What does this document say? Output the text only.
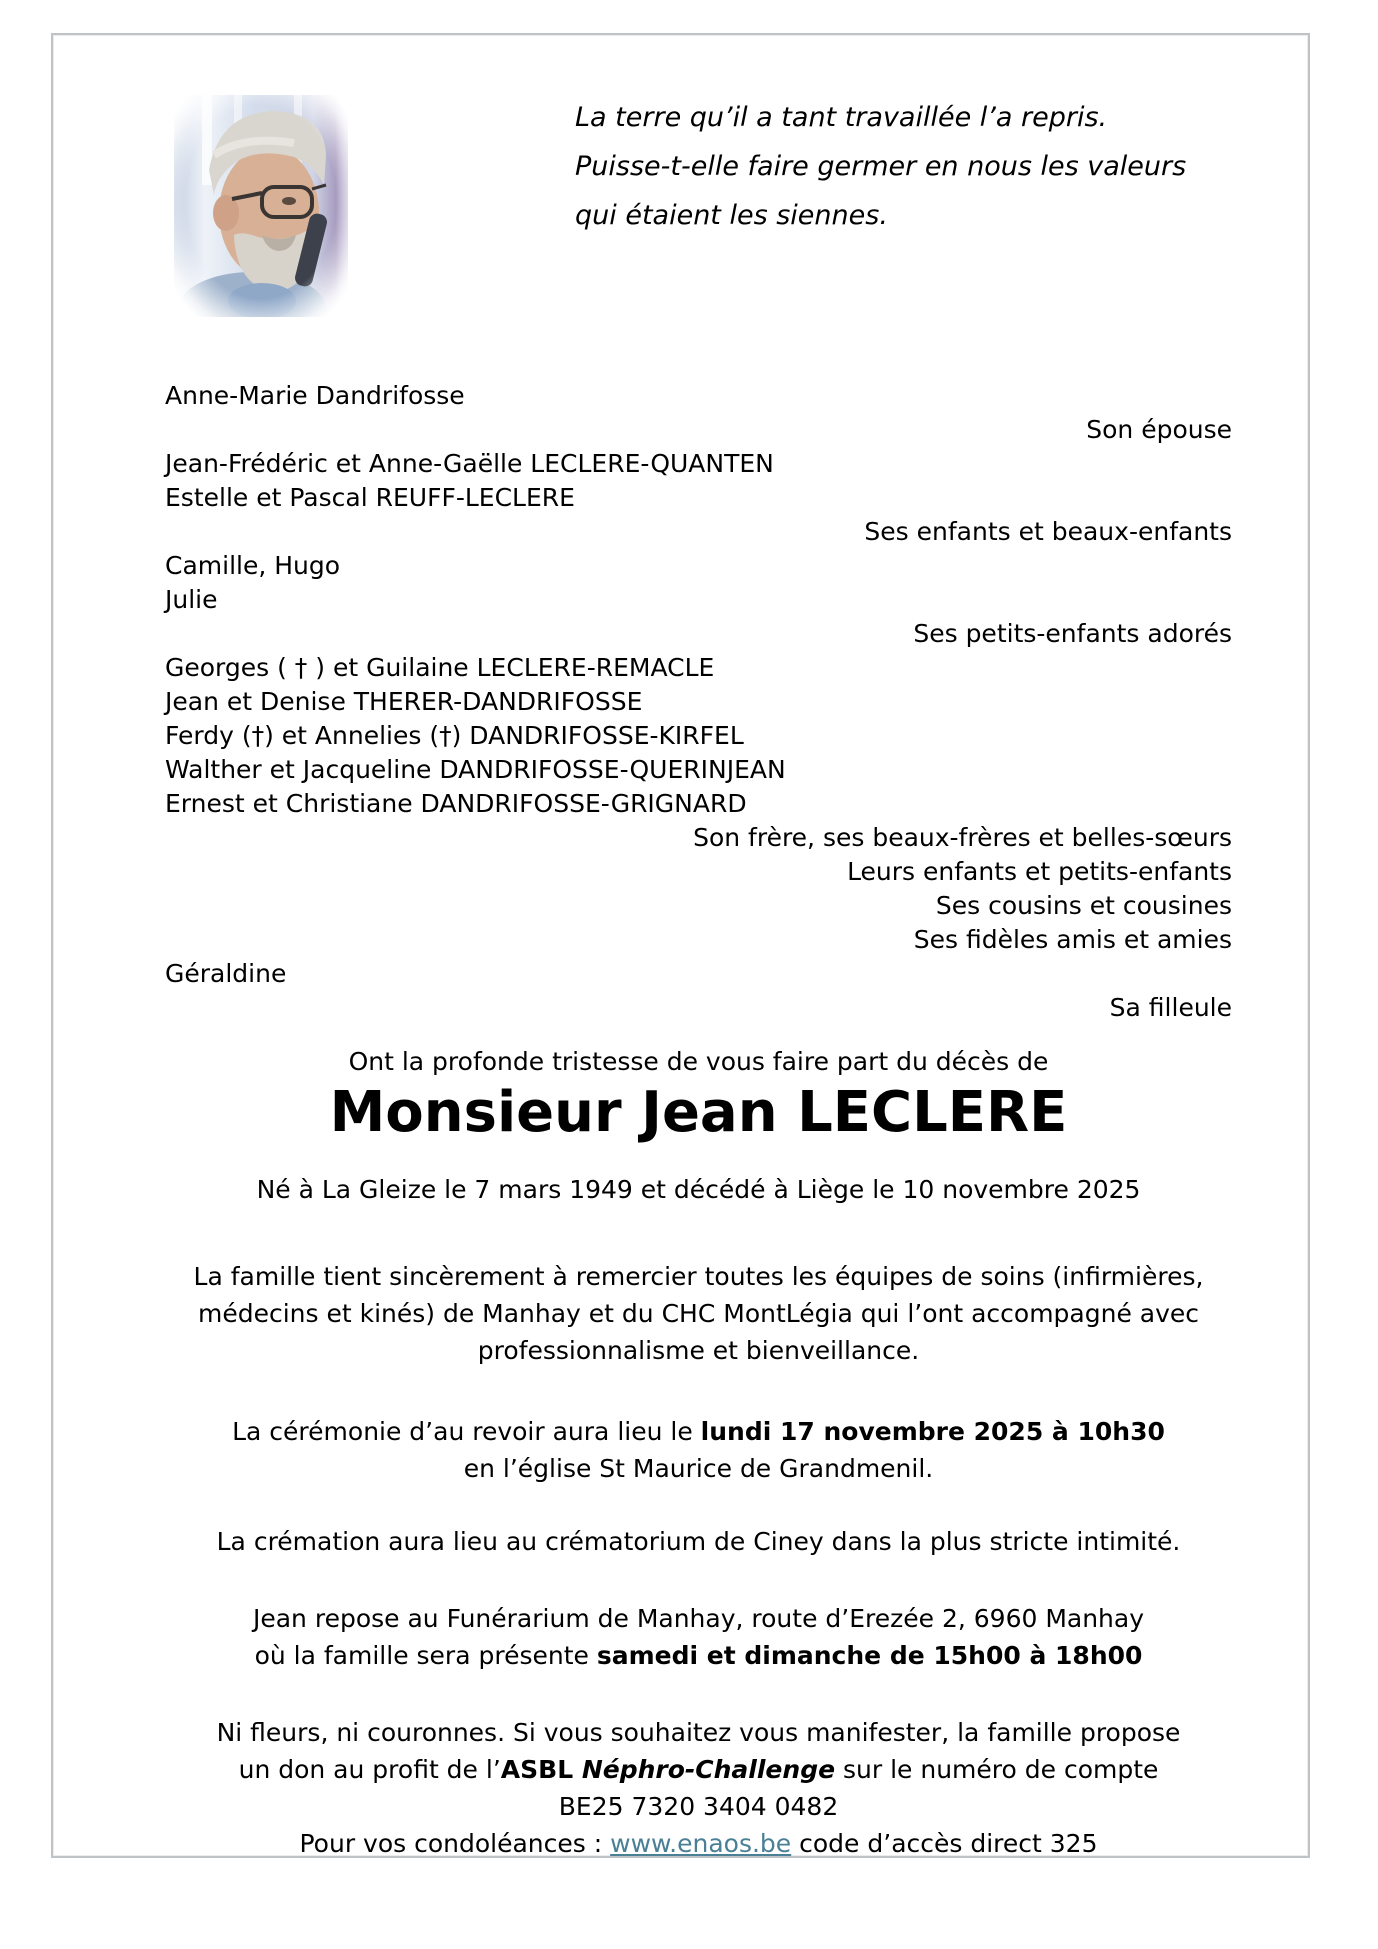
La terre qu’il a tant travaillée l’a repris.
Puisse-t-elle faire germer en nous les valeurs
qui étaient les siennes.
Anne-Marie Dandrifosse
Son épouse
Jean-Frédéric et Anne-Gaëlle LECLERE-QUANTEN
Estelle et Pascal REUFF-LECLERE
Ses enfants et beaux-enfants
Camille, Hugo
Julie
Ses petits-enfants adorés
Georges ( † ) et Guilaine LECLERE-REMACLE
Jean et Denise THERER-DANDRIFOSSE
Ferdy (†) et Annelies (†) DANDRIFOSSE-KIRFEL
Walther et Jacqueline DANDRIFOSSE-QUERINJEAN
Ernest et Christiane DANDRIFOSSE-GRIGNARD
Son frère, ses beaux-frères et belles-sœurs
Leurs enfants et petits-enfants
Ses cousins et cousines
Ses fidèles amis et amies
Géraldine
Sa filleule
Ont la profonde tristesse de vous faire part du décès de
Monsieur Jean LECLERE
Né à La Gleize le 7 mars 1949 et décédé à Liège le 10 novembre 2025
La famille tient sincèrement à remercier toutes les équipes de soins (infirmières,
médecins et kinés) de Manhay et du CHC MontLégia qui l’ont accompagné avec
professionnalisme et bienveillance.
La cérémonie d’au revoir aura lieu le lundi 17 novembre 2025 à 10h30
en l’église St Maurice de Grandmenil.
La crémation aura lieu au crématorium de Ciney dans la plus stricte intimité.
Jean repose au Funérarium de Manhay, route d’Erezée 2, 6960 Manhay
où la famille sera présente samedi et dimanche de 15h00 à 18h00
Ni fleurs, ni couronnes. Si vous souhaitez vous manifester, la famille propose
un don au profit de l’ASBL Néphro-Challenge sur le numéro de compte
BE25 7320 3404 0482
Pour vos condoléances : www.enaos.be code d’accès direct 325
